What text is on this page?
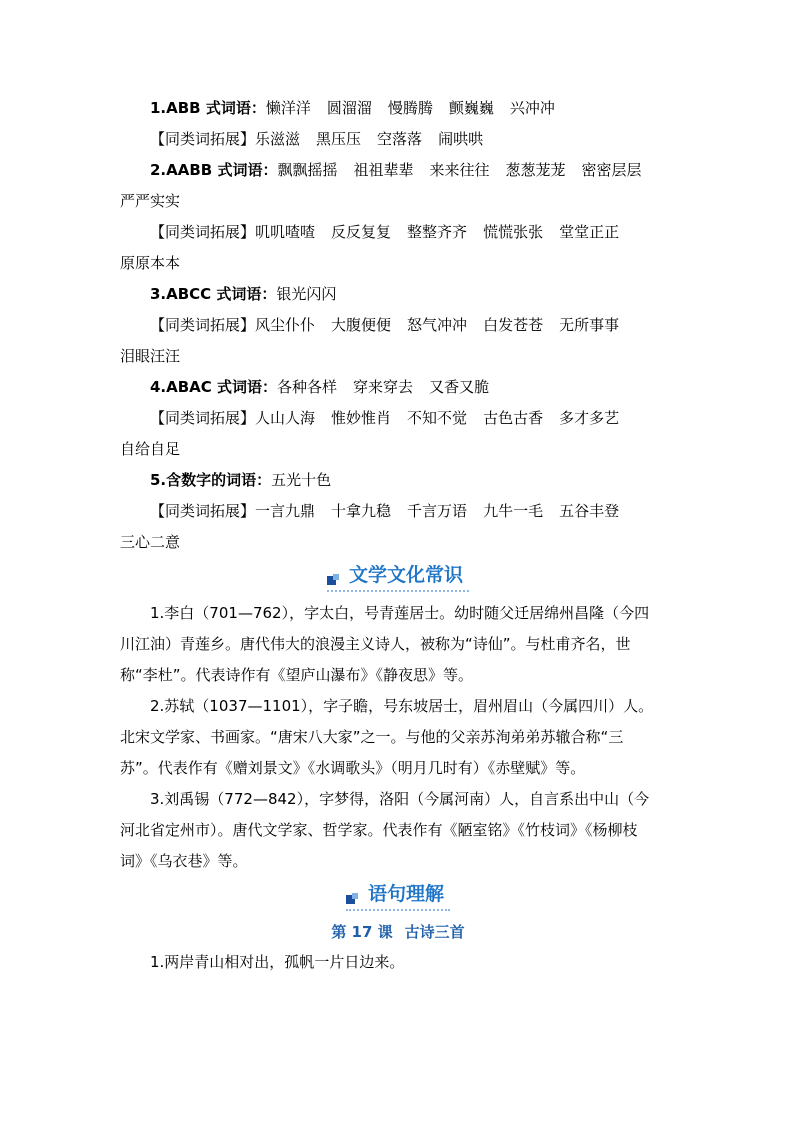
1.ABB 式词语：懒洋洋 圆溜溜 慢腾腾 颤巍巍 兴冲冲
【同类词拓展】乐滋滋 黑压压 空落落 闹哄哄
2.AABB 式词语：飘飘摇摇 祖祖辈辈 来来往往 葱葱茏茏 密密层层
严严实实
【同类词拓展】叽叽喳喳 反反复复 整整齐齐 慌慌张张 堂堂正正
原原本本
3.ABCC 式词语：银光闪闪
【同类词拓展】风尘仆仆 大腹便便 怒气冲冲 白发苍苍 无所事事
泪眼汪汪
4.ABAC 式词语：各种各样 穿来穿去 又香又脆
【同类词拓展】人山人海 惟妙惟肖 不知不觉 古色古香 多才多艺
自给自足
5.含数字的词语：五光十色
【同类词拓展】一言九鼎 十拿九稳 千言万语 九牛一毛 五谷丰登
三心二意
文学文化常识
1.李白（701—762），字太白，号青莲居士。幼时随父迁居绵州昌隆（今四
川江油）青莲乡。唐代伟大的浪漫主义诗人，被称为“诗仙”。与杜甫齐名，世
称“李杜”。代表诗作有《望庐山瀑布》《静夜思》等。
2.苏轼（1037—1101），字子瞻，号东坡居士，眉州眉山（今属四川）人。
北宋文学家、书画家。“唐宋八大家”之一。与他的父亲苏洵弟弟苏辙合称“三
苏”。代表作有《赠刘景文》《水调歌头》（明月几时有）《赤壁赋》等。
3.刘禹锡（772—842），字梦得，洛阳（今属河南）人，自言系出中山（今
河北省定州市）。唐代文学家、哲学家。代表作有《陋室铭》《竹枝词》《杨柳枝
词》《乌衣巷》等。
语句理解
第 17 课 古诗三首
1.两岸青山相对出，孤帆一片日边来。
